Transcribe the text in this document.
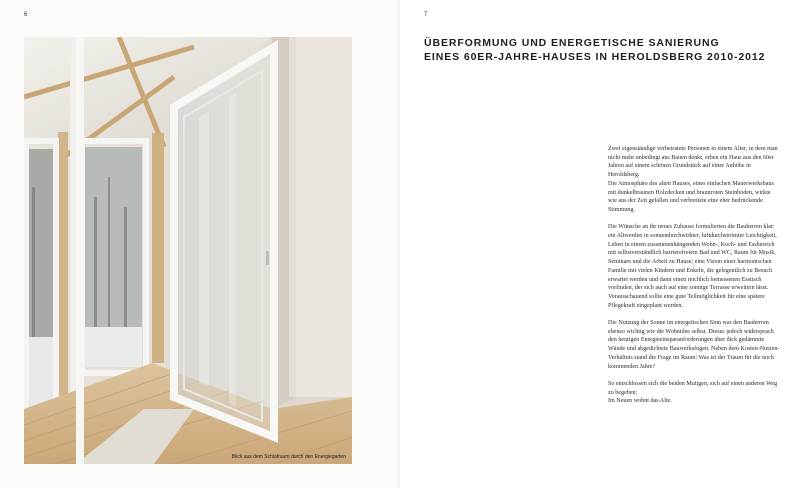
6
Blick aus dem Schlafraum durch den Energiegarten
7
ÜBERFORMUNG UND ENERGETISCHE SANIERUNG
EINES 60ER-JAHRE-HAUSES IN HEROLDSBERG 2010-2012

Zwei eigenständige verheiratete Personen in einem Alter, in dem man nicht mehr unbedingt ans Bauen denkt, erben ein Haus aus den 60er Jahren auf einem schönen Grundstück auf einer Anhöhe in Heroldsberg.
Die Atmosphäre des alten Hauses, eines einfachen Mauerwerksbaus mit dunkelbraunen Holzdecken und braunroten Steinböden, wirkte wie aus der Zeit gefallen und verbreitete eine eher bedrückende Stimmung.

Die Wünsche an ihr neues Zuhause formulierten die Bauherren klar:
ein Altwerden in sonnendurchwirkter, luftdurchströmter Leichtigkeit, Leben in einem zusammenhängenden Wohn-, Koch- und Essbereich mit selbstverständlich barrierefreiem Bad und WC, Raum für Musik, Seminare und die Arbeit zu Hause; eine Vision einer harmonischen Familie mit vielen Kindern und Enkeln, die gelegentlich zu Besuch erwartet werden und dann einen reichlich bemessenen Esstisch vorfinden, der sich auch auf eine sonnige Terrasse erweitern lässt.
Vorausschauend sollte eine gute Teilmöglichkeit für eine spätere Pflegekraft eingeplant werden.

Die Nutzung der Sonne im energetischen Sinn war den Bauherren ebenso wichtig wie die Wohnidee selbst. Dieses jedoch widersprach den heutigen Energieeinsparanforderungen über dick gedämmte Wände und abgedichtete Bauwerksfugen. Neben dem Kosten-Nutzen-Verhältnis stand die Frage im Raum: Was ist der Traum für die noch kommenden Jahre?

So entschlossen sich die beiden Mutigen, sich auf einen anderen Weg zu begeben:
Im Neuen wohnt das Alte.
